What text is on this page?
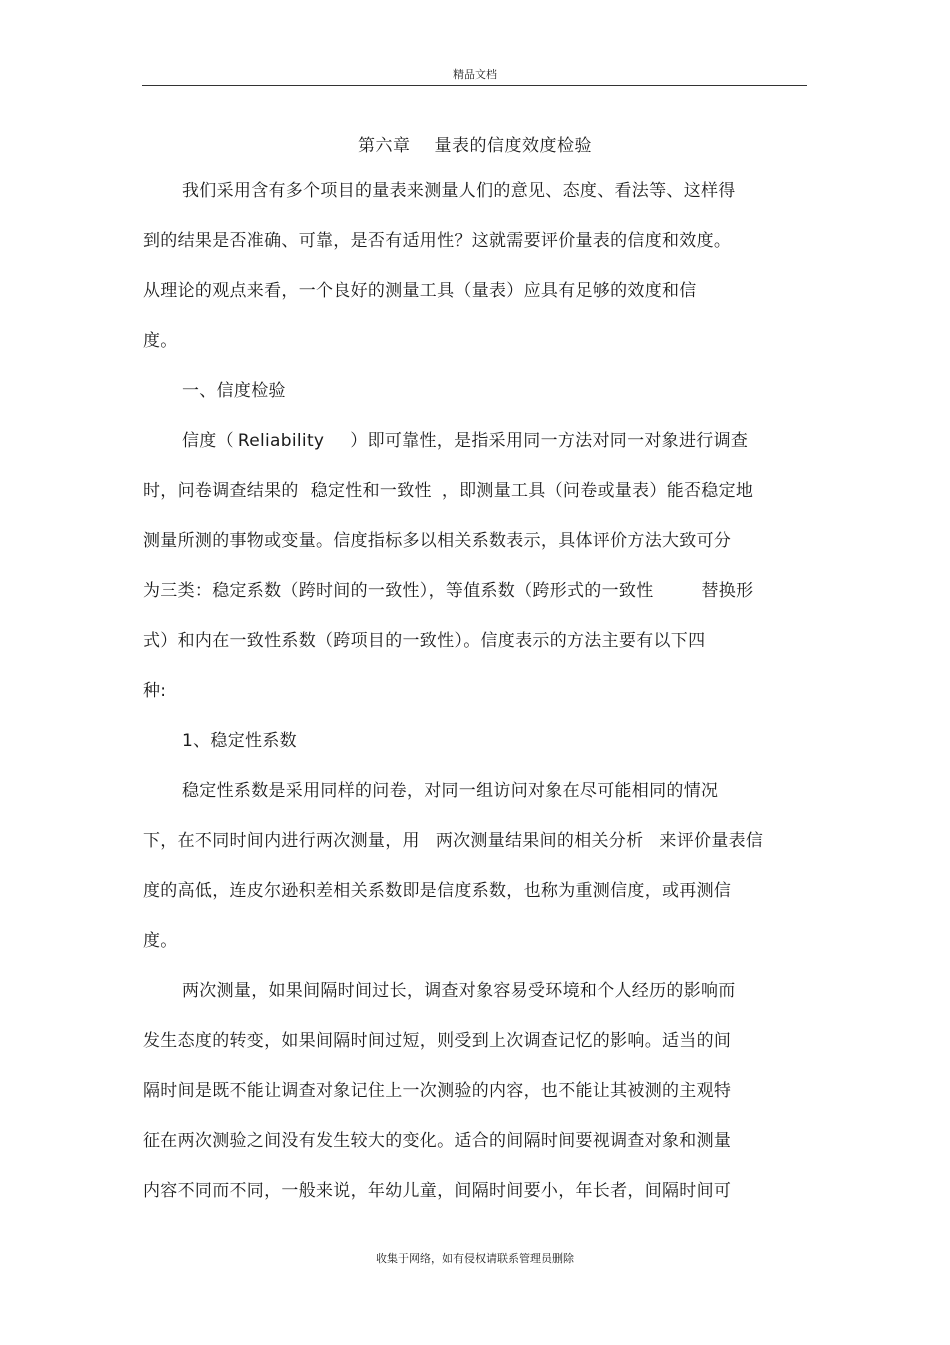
精品文档
第六章 量表的信度效度检验
我们采用含有多个项目的量表来测量人们的意见、态度、看法等、这样得
到的结果是否准确、可靠，是否有适用性？这就需要评价量表的信度和效度。
从理论的观点来看，一个良好的测量工具（量表）应具有足够的效度和信
度。
一、信度检验
信度（ Reliability ）即可靠性，是指采用同一方法对同一对象进行调查
时，问卷调查结果的 稳定性和一致性 ，即测量工具（问卷或量表）能否稳定地
测量所测的事物或变量。信度指标多以相关系数表示，具体评价方法大致可分
为三类：稳定系数（跨时间的一致性），等值系数（跨形式的一致性	替换形
式）和内在一致性系数（跨项目的一致性）。信度表示的方法主要有以下四
种:
1、稳定性系数
稳定性系数是采用同样的问卷，对同一组访问对象在尽可能相同的情况
下，在不同时间内进行两次测量，用 两次测量结果间的相关分析 来评价量表信
度的高低，连皮尔逊积差相关系数即是信度系数，也称为重测信度，或再测信
度。
两次测量，如果间隔时间过长，调查对象容易受环境和个人经历的影响而
发生态度的转变，如果间隔时间过短，则受到上次调查记忆的影响。适当的间
隔时间是既不能让调查对象记住上一次测验的内容，也不能让其被测的主观特
征在两次测验之间没有发生较大的变化。适合的间隔时间要视调查对象和测量
内容不同而不同，一般来说，年幼儿童，间隔时间要小，年长者，间隔时间可
收集于网络，如有侵权请联系管理员删除
